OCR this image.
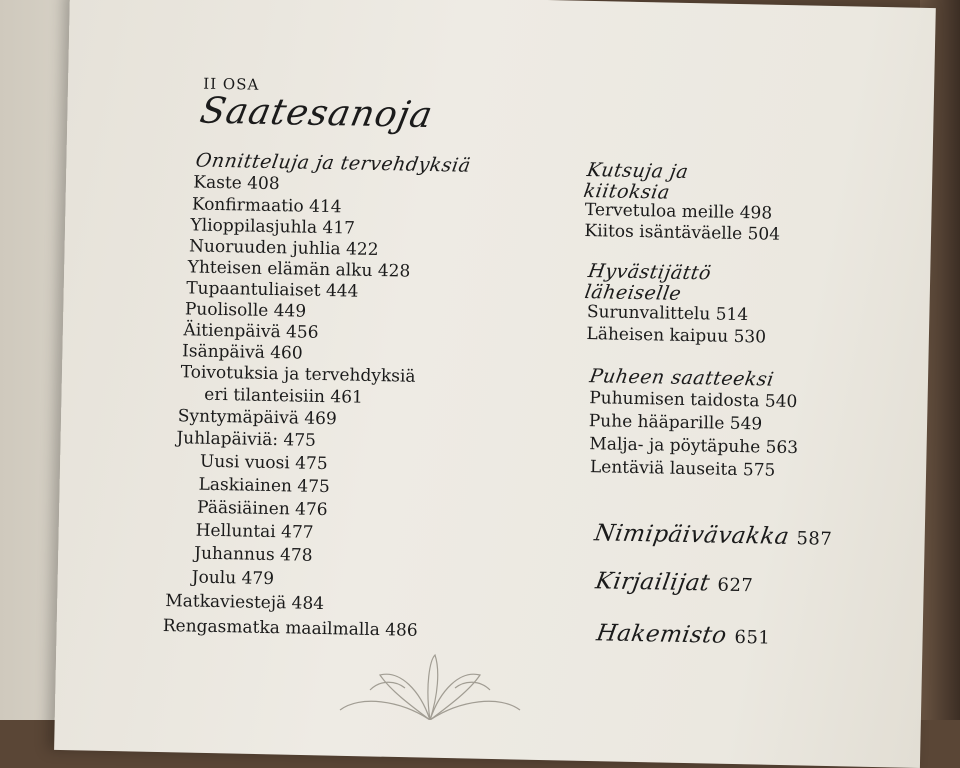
II OSA
Saatesanoja
Onnitteluja ja tervehdyksiä
Kaste 408
Konfirmaatio 414
Ylioppilasjuhla 417
Nuoruuden juhlia 422
Yhteisen elämän alku 428
Tupaantuliaiset 444
Puolisolle 449
Äitienpäivä 456
Isänpäivä 460
Toivotuksia ja tervehdyksiä
eri tilanteisiin 461
Syntymäpäivä 469
Juhlapäiviä: 475
Uusi vuosi 475
Laskiainen 475
Pääsiäinen 476
Helluntai 477
Juhannus 478
Joulu 479
Matkaviestejä 484
Rengasmatka maailmalla 486
Kutsuja ja
kiitoksia
Tervetuloa meille 498
Kiitos isäntäväelle 504
Hyvästijättö
läheiselle
Surunvalittelu 514
Läheisen kaipuu 530
Puheen saatteeksi
Puhumisen taidosta 540
Puhe hääparille 549
Malja- ja pöytäpuhe 563
Lentäviä lauseita 575
Nimipäivävakka 587
Kirjailijat 627
Hakemisto 651
